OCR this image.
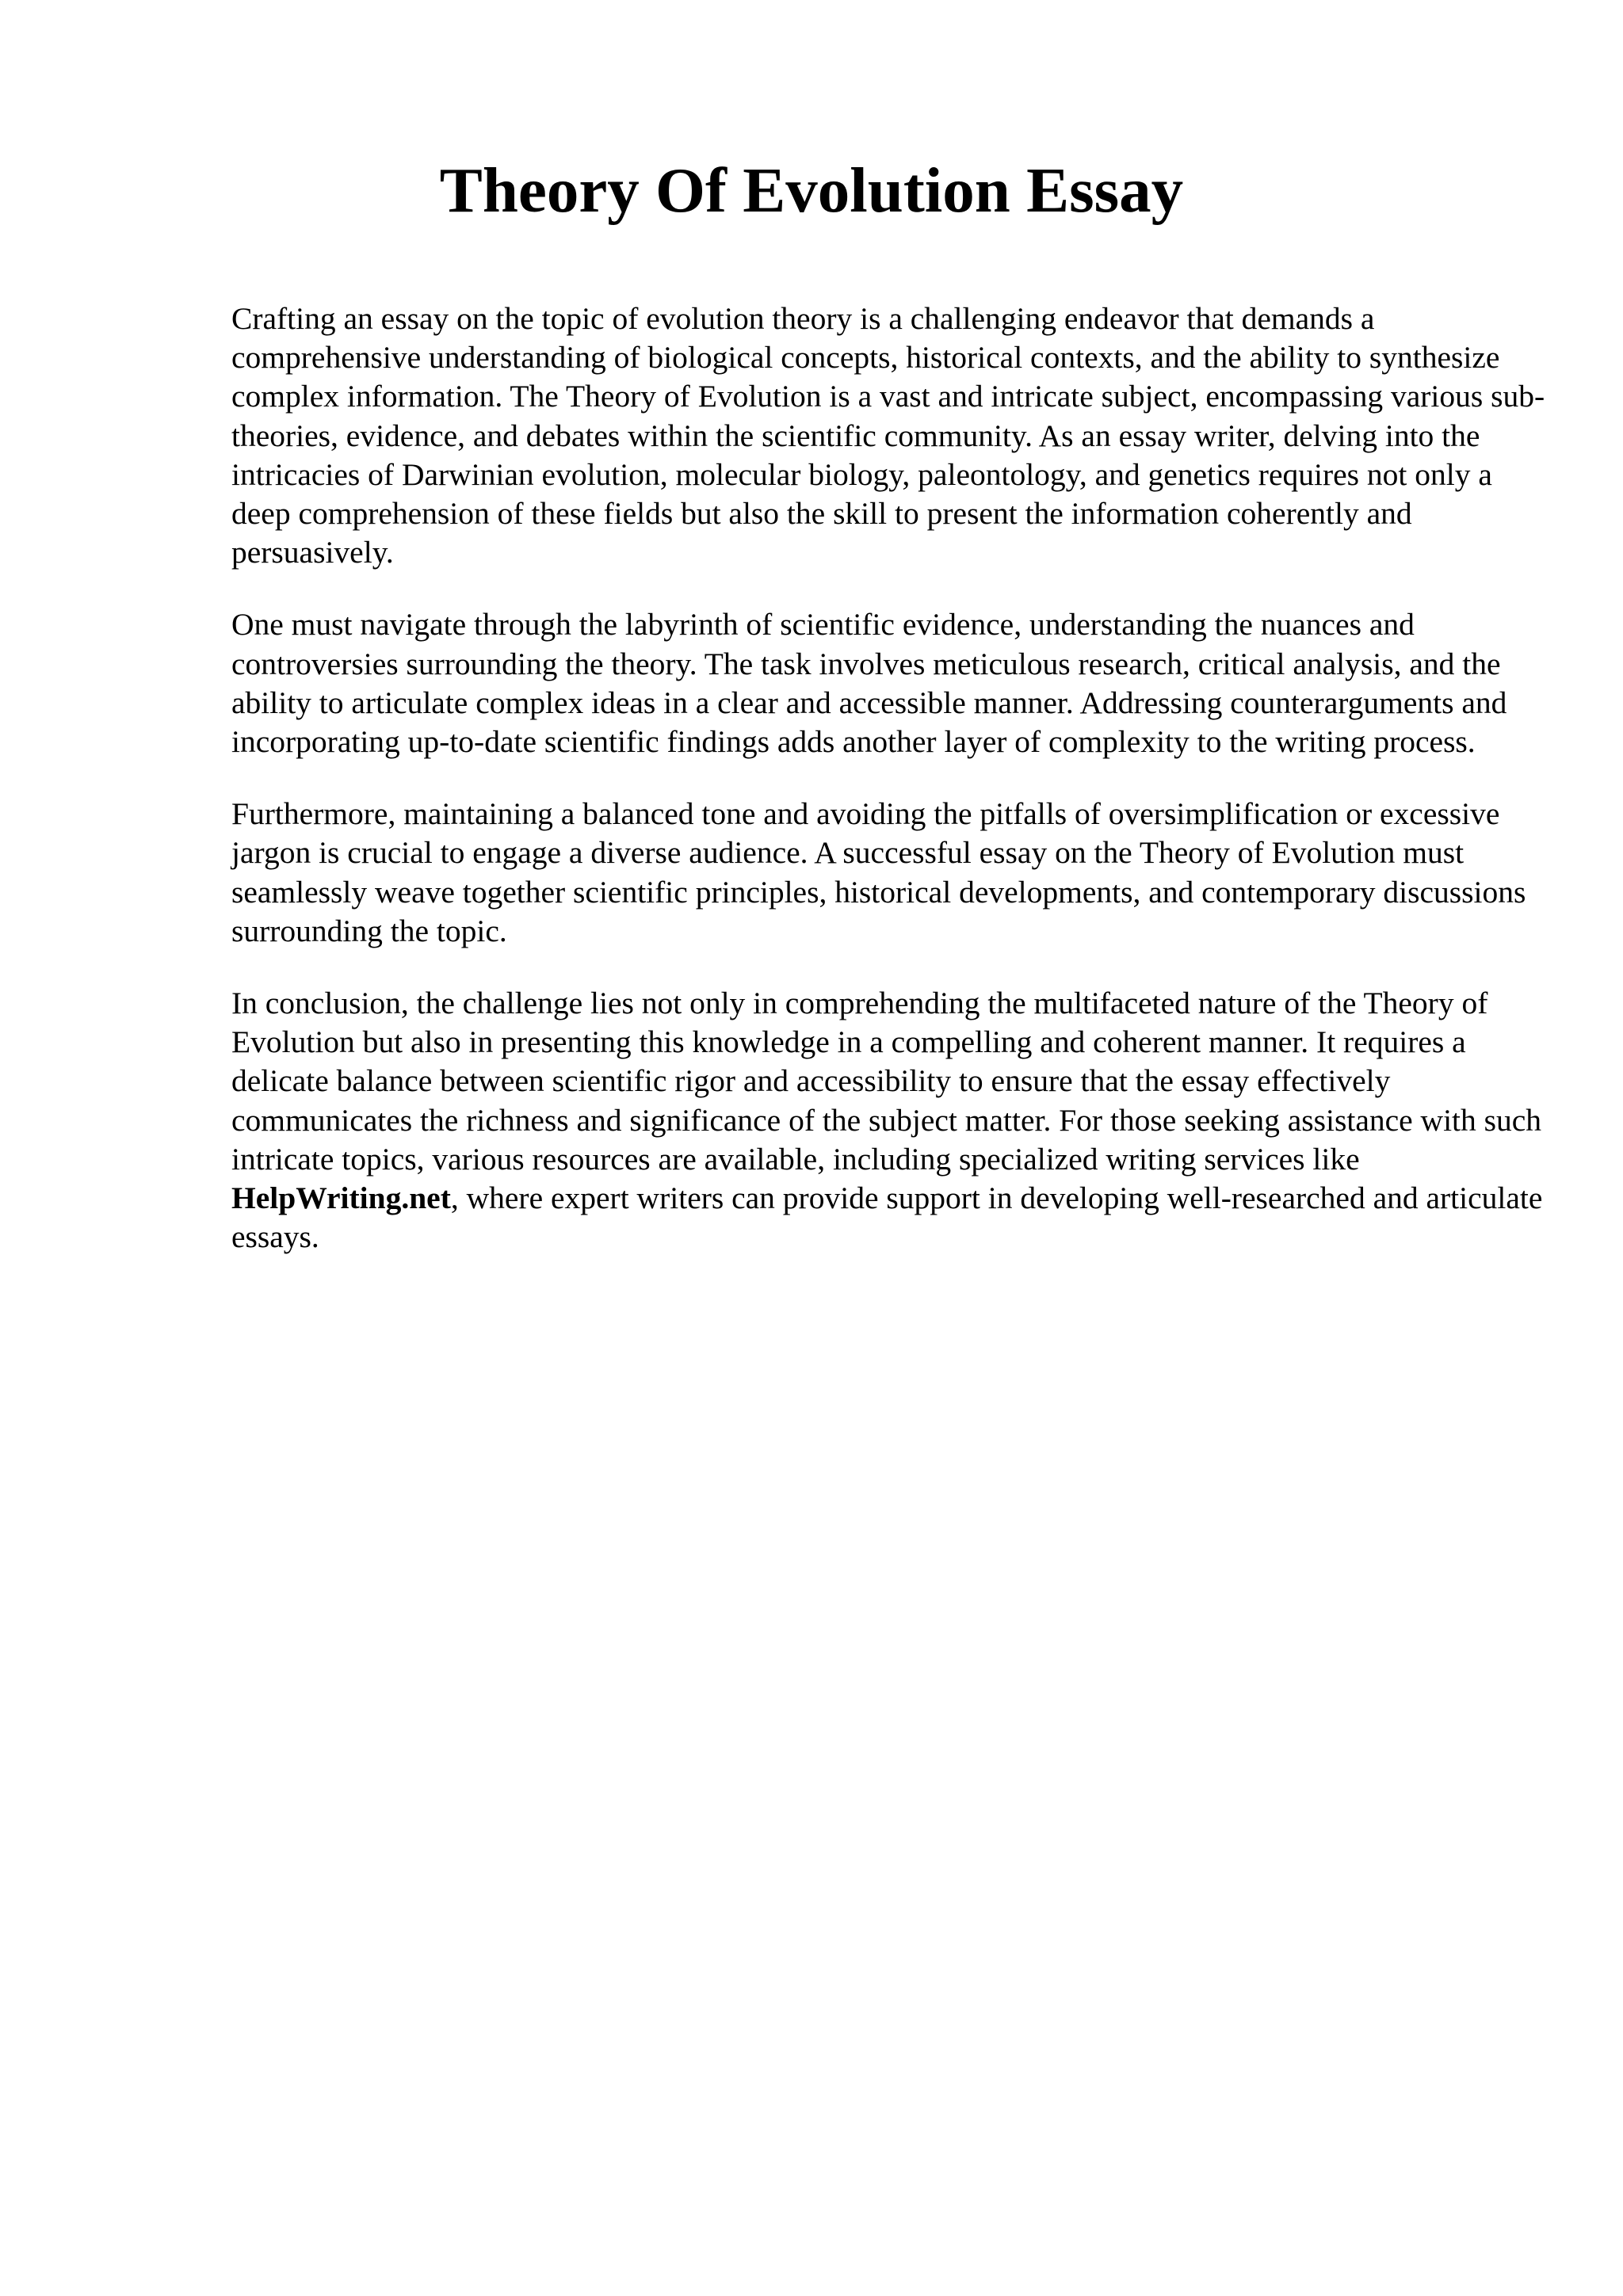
Theory Of Evolution Essay

Crafting an essay on the topic of evolution theory is a challenging endeavor that demands a comprehensive understanding of biological concepts, historical contexts, and the ability to synthesize complex information. The Theory of Evolution is a vast and intricate subject, encompassing various sub-theories, evidence, and debates within the scientific community. As an essay writer, delving into the intricacies of Darwinian evolution, molecular biology, paleontology, and genetics requires not only a deep comprehension of these fields but also the skill to present the information coherently and persuasively.

One must navigate through the labyrinth of scientific evidence, understanding the nuances and controversies surrounding the theory. The task involves meticulous research, critical analysis, and the ability to articulate complex ideas in a clear and accessible manner. Addressing counterarguments and incorporating up-to-date scientific findings adds another layer of complexity to the writing process.

Furthermore, maintaining a balanced tone and avoiding the pitfalls of oversimplification or excessive jargon is crucial to engage a diverse audience. A successful essay on the Theory of Evolution must seamlessly weave together scientific principles, historical developments, and contemporary discussions surrounding the topic.

In conclusion, the challenge lies not only in comprehending the multifaceted nature of the Theory of Evolution but also in presenting this knowledge in a compelling and coherent manner. It requires a delicate balance between scientific rigor and accessibility to ensure that the essay effectively communicates the richness and significance of the subject matter. For those seeking assistance with such intricate topics, various resources are available, including specialized writing services like HelpWriting.net, where expert writers can provide support in developing well-researched and articulate essays.
